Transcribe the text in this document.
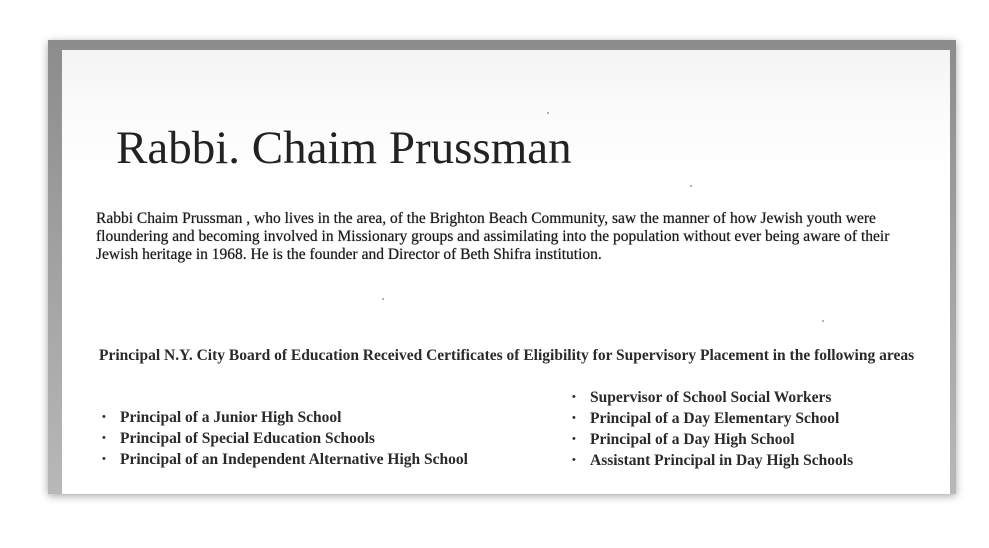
Rabbi. Chaim Prussman

Rabbi Chaim Prussman , who lives in the area, of the Brighton Beach Community, saw the manner of how Jewish youth were floundering and becoming involved in Missionary groups and assimilating into the population without ever being aware of their Jewish heritage in 1968. He is the founder and Director of Beth Shifra institution.

Principal N.Y. City Board of Education Received Certificates of Eligibility for Supervisory Placement in the following areas

• Principal of a Junior High School
• Principal of Special Education Schools
• Principal of an Independent Alternative High School
• Supervisor of School Social Workers
• Principal of a Day Elementary School
• Principal of a Day High School
• Assistant Principal in Day High Schools
